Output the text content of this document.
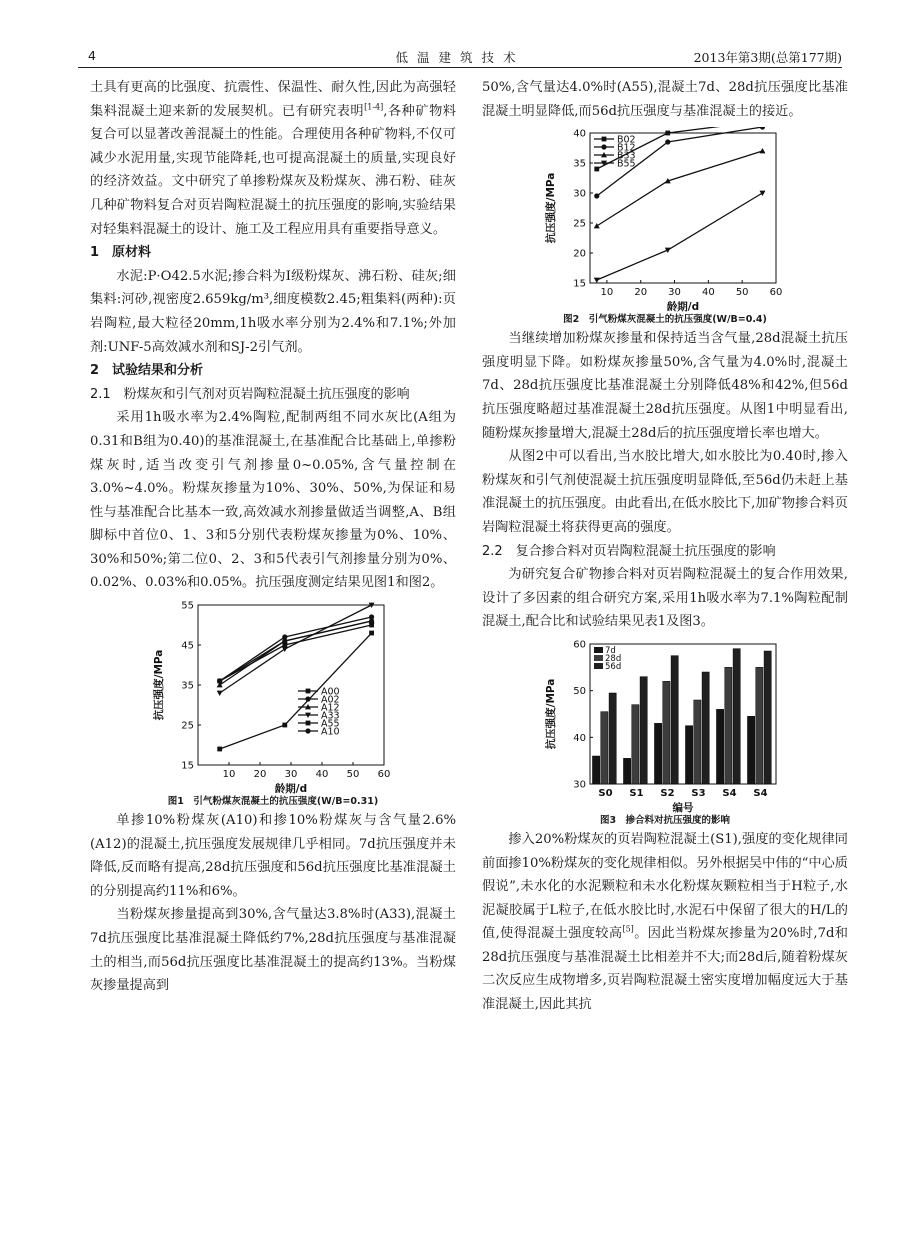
4	低温建筑技术	2013年第3期(总第177期)

土具有更高的比强度、抗震性、保温性、耐久性,因此为高强轻集料混凝土迎来新的发展契机。已有研究表明[1-4],各种矿物料复合可以显著改善混凝土的性能。合理使用各种矿物料,不仅可减少水泥用量,实现节能降耗,也可提高混凝土的质量,实现良好的经济效益。文中研究了单掺粉煤灰及粉煤灰、沸石粉、硅灰几种矿物料复合对页岩陶粒混凝土的抗压强度的影响,实验结果对轻集料混凝土的设计、施工及工程应用具有重要指导意义。

1　原材料

水泥:P·O42.5水泥;掺合料为Ⅰ级粉煤灰、沸石粉、硅灰;细集料:河砂,视密度2.659kg/m³,细度模数2.45;粗集料(两种):页岩陶粒,最大粒径20mm,1h吸水率分别为2.4%和7.1%;外加剂:UNF-5高效减水剂和SJ-2引气剂。

2　试验结果和分析

2.1　粉煤灰和引气剂对页岩陶粒混凝土抗压强度的影响

采用1h吸水率为2.4%陶粒,配制两组不同水灰比(A组为0.31和B组为0.40)的基准混凝土,在基准配合比基础上,单掺粉煤灰时,适当改变引气剂掺量0~0.05%,含气量控制在3.0%~4.0%。粉煤灰掺量为10%、30%、50%,为保证和易性与基准配合比基本一致,高效减水剂掺量做适当调整,A、B组脚标中首位0、1、3和5分别代表粉煤灰掺量为0%、10%、30%和50%;第二位0、2、3和5代表引气剂掺量分别为0%、0.02%、0.03%和0.05%。抗压强度测定结果见图1和图2。

15
25
35
45
55
10 20 30 40 50 60
龄期/d
抗压强度/MPa	A00
A02
A12
A33
A55
A10

图1　引气粉煤灰混凝土的抗压强度(W/B=0.31)

单掺10%粉煤灰(A10)和掺10%粉煤灰与含气量2.6%(A12)的混凝土,抗压强度发展规律几乎相同。7d抗压强度并未降低,反而略有提高,28d抗压强度和56d抗压强度比基准混凝土的分别提高约11%和6%。

当粉煤灰掺量提高到30%,含气量达3.8%时(A33),混凝土7d抗压强度比基准混凝土降低约7%,28d抗压强度与基准混凝土的相当,而56d抗压强度比基准混凝土的提高约13%。当粉煤灰掺量提高到

50%,含气量达4.0%时(A55),混凝土7d、28d抗压强度比基准混凝土明显降低,而56d抗压强度与基准混凝土的接近。

15
20
25
30
35
40
10 20 30 40 50 60
龄期/d
抗压强度/MPa
B02
B12
B33
B55

图2　引气粉煤灰混凝土的抗压强度(W/B=0.4)

当继续增加粉煤灰掺量和保持适当含气量,28d混凝土抗压强度明显下降。如粉煤灰掺量50%,含气量为4.0%时,混凝土7d、28d抗压强度比基准混凝土分别降低48%和42%,但56d抗压强度略超过基准混凝土28d抗压强度。从图1中明显看出,随粉煤灰掺量增大,混凝土28d后的抗压强度增长率也增大。

从图2中可以看出,当水胶比增大,如水胶比为0.40时,掺入粉煤灰和引气剂使混凝土抗压强度明显降低,至56d仍未赶上基准混凝土的抗压强度。由此看出,在低水胶比下,加矿物掺合料页岩陶粒混凝土将获得更高的强度。

2.2　复合掺合料对页岩陶粒混凝土抗压强度的影响

为研究复合矿物掺合料对页岩陶粒混凝土的复合作用效果,设计了多因素的组合研究方案,采用1h吸水率为7.1%陶粒配制混凝土,配合比和试验结果见表1及图3。

30
40
50
60
编号
抗压强度/MPa
S0 S1 S2 S3 S4 S4
7d
28d
56d

图3　掺合料对抗压强度的影响

掺入20%粉煤灰的页岩陶粒混凝土(S1),强度的变化规律同前面掺10%粉煤灰的变化规律相似。另外根据吴中伟的“中心质假说”,未水化的水泥颗粒和未水化粉煤灰颗粒相当于H粒子,水泥凝胶属于L粒子,在低水胶比时,水泥石中保留了很大的H/L的值,使得混凝土强度较高[5]。因此当粉煤灰掺量为20%时,7d和28d抗压强度与基准混凝土比相差并不大;而28d后,随着粉煤灰二次反应生成物增多,页岩陶粒混凝土密实度增加幅度远大于基准混凝土,因此其抗
